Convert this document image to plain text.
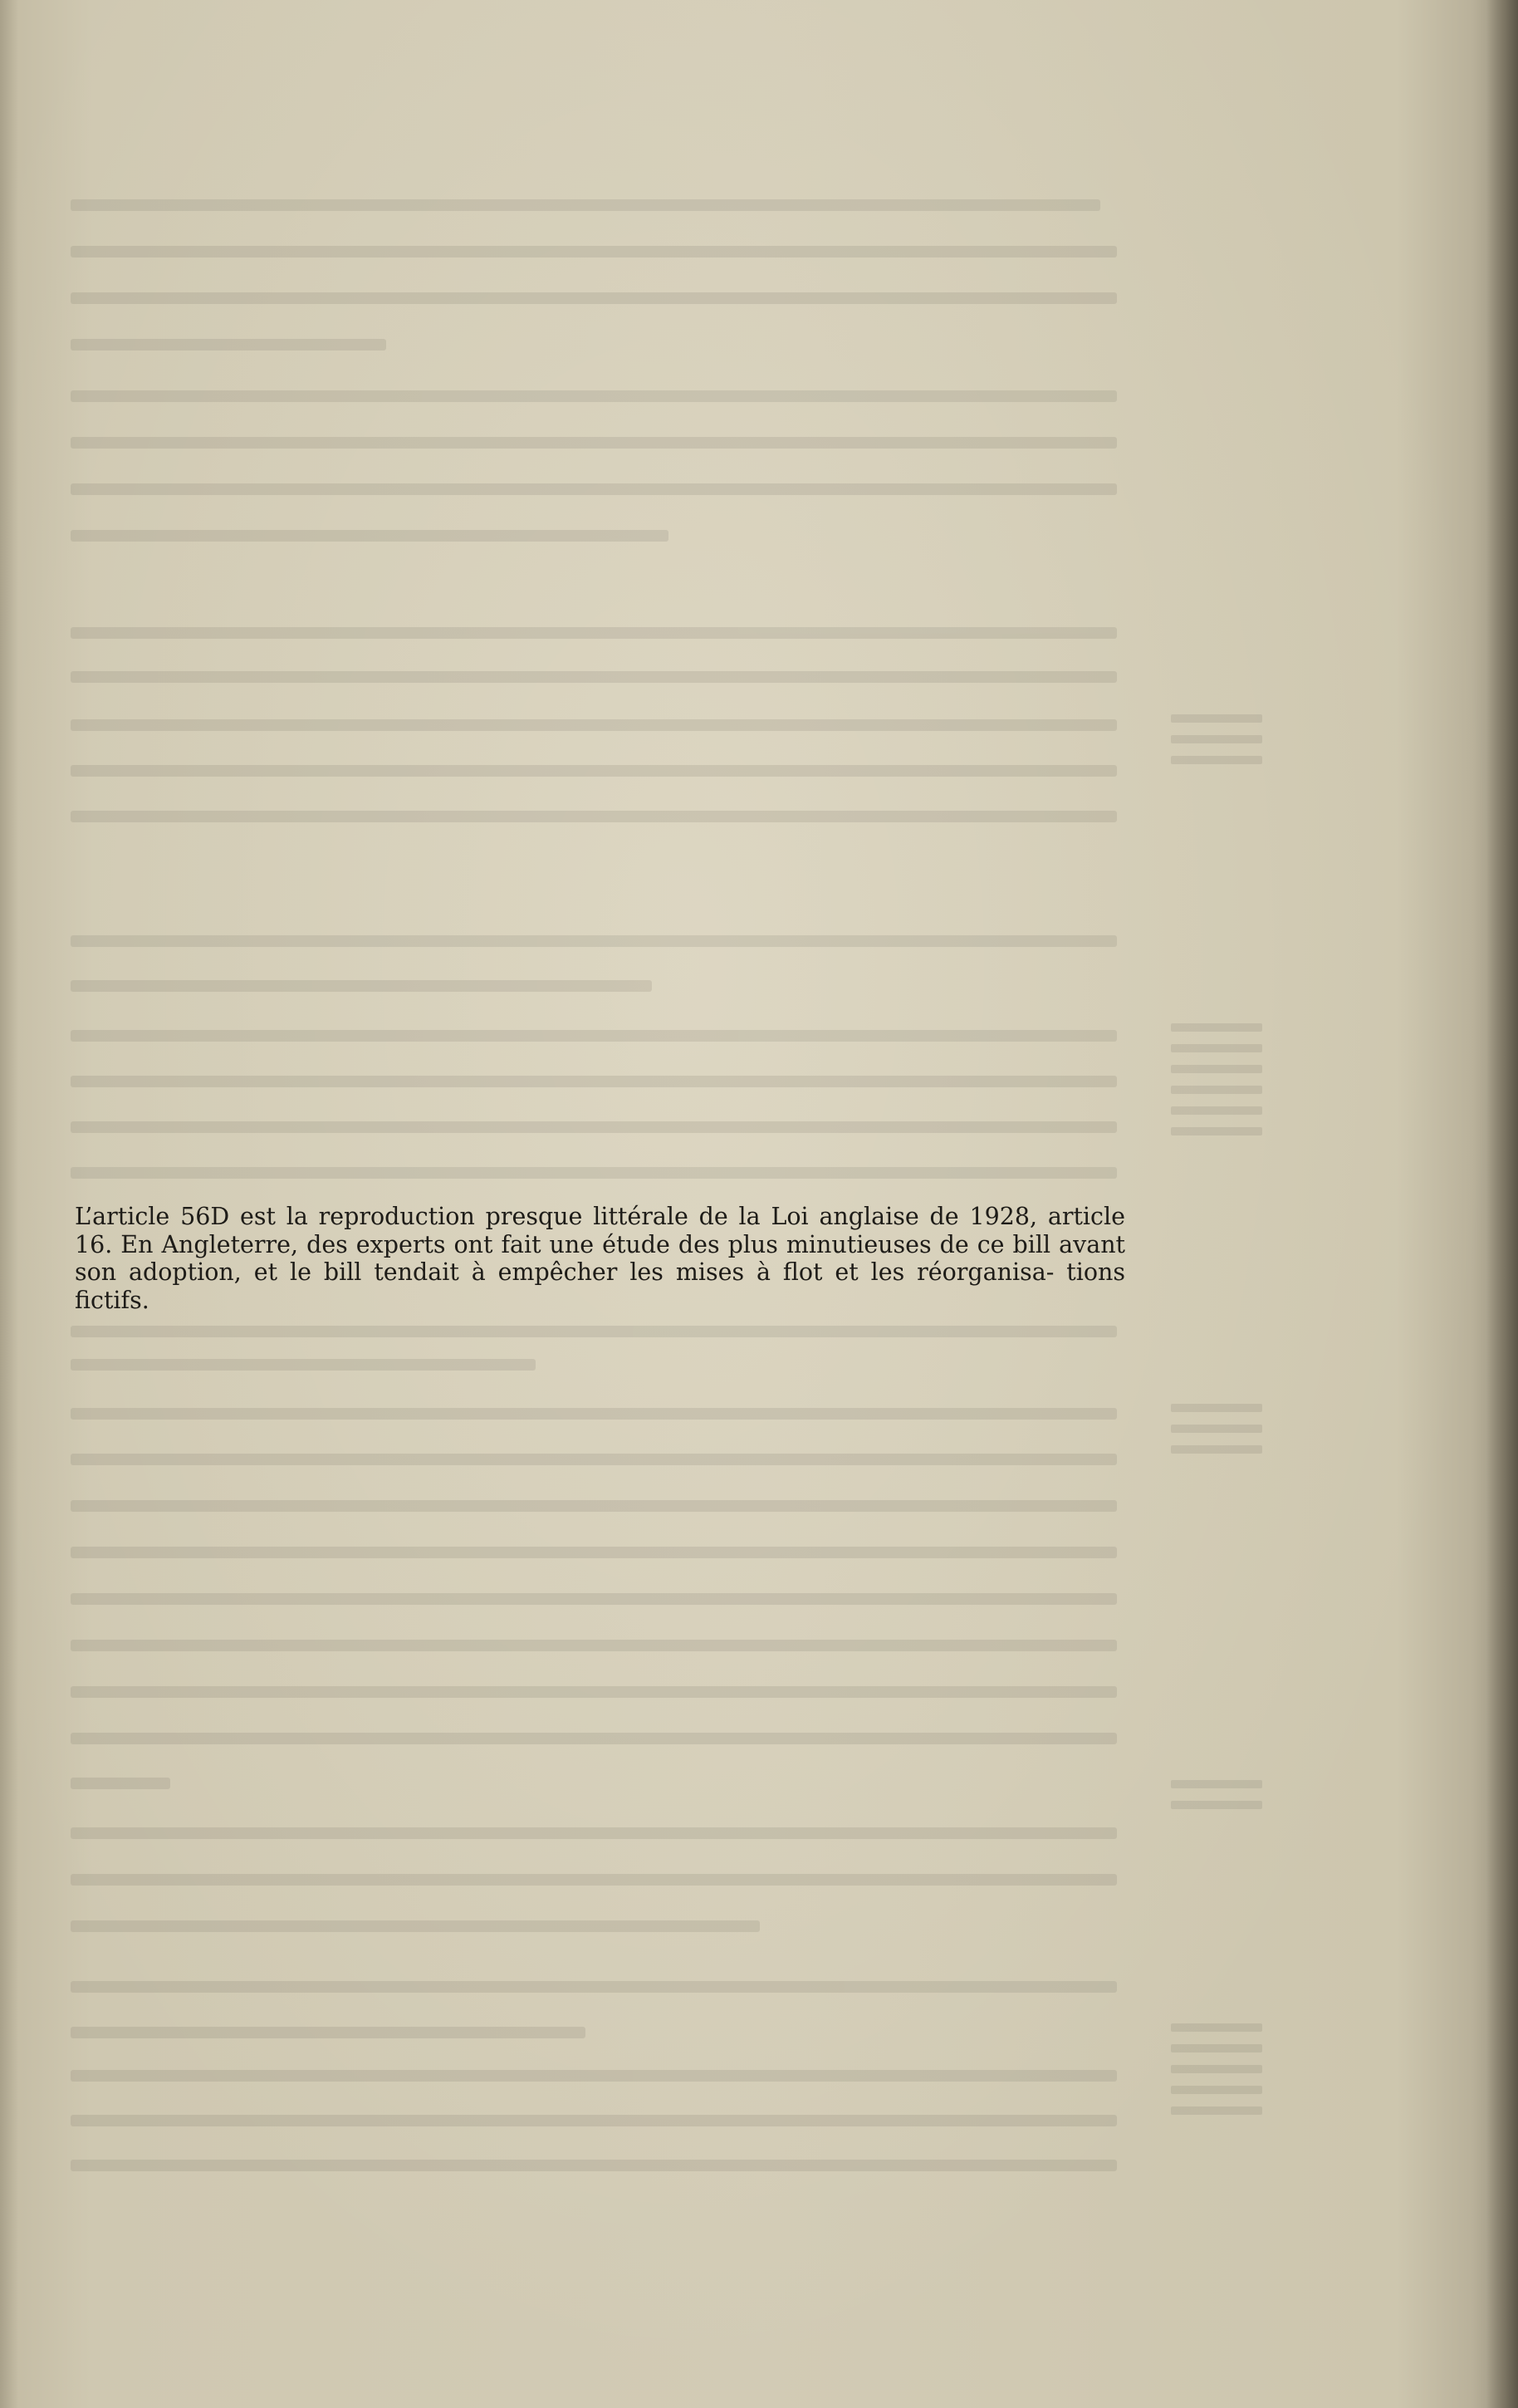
L’article 56D est la reproduction presque littérale de la Loi anglaise de 1928, article 16. En Angleterre, des experts ont fait une étude des plus minutieuses de ce bill avant son adoption, et le bill tendait à empêcher les mises à flot et les réorganisa- tions fictifs.
